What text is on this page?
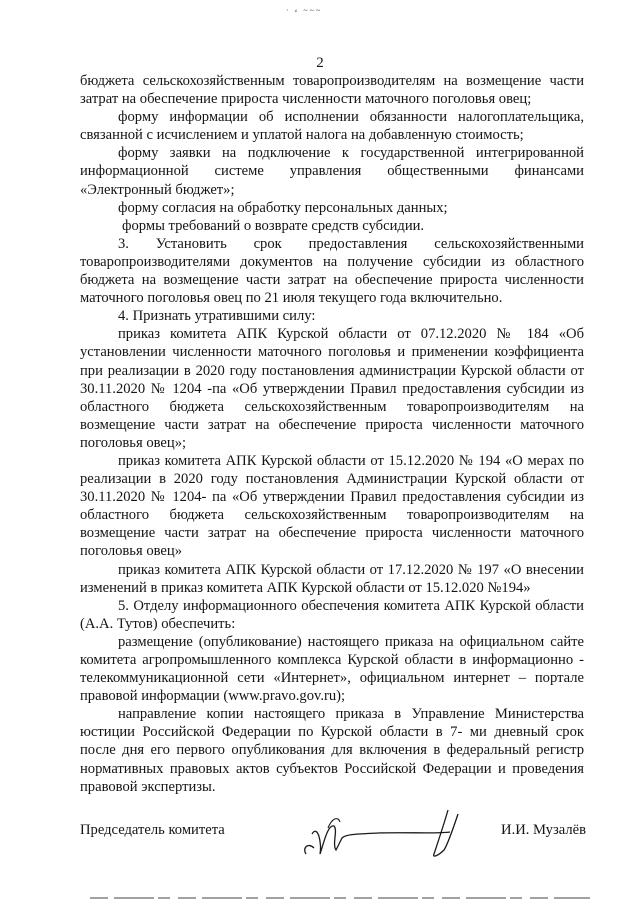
· ⸗ ~~~
2

бюджета сельскохозяйственным товаропроизводителям на возмещение части затрат на обеспечение прироста численности маточного поголовья овец;

форму информации об исполнении обязанности налогоплательщика, связанной с исчислением и уплатой налога на добавленную стоимость;

форму заявки на подключение к государственной интегрированной информационной системе управления общественными финансами «Электронный бюджет»;

форму согласия на обработку персональных данных;

формы требований о возврате средств субсидии.

3. Установить срок предоставления сельскохозяйственными товаропроизводителями документов на получение субсидии из областного бюджета на возмещение части затрат на обеспечение прироста численности маточного поголовья овец по 21 июля текущего года включительно.

4. Признать утратившими силу:

приказ комитета АПК Курской области от 07.12.2020 № 184 «Об установлении численности маточного поголовья и применении коэффициента при реализации в 2020 году постановления администрации Курской области от 30.11.2020 № 1204 -па «Об утверждении Правил предоставления субсидии из областного бюджета сельскохозяйственным товаропроизводителям на возмещение части затрат на обеспечение прироста численности маточного поголовья овец»;

приказ комитета АПК Курской области от 15.12.2020 № 194 «О мерах по реализации в 2020 году постановления Администрации Курской области от 30.11.2020 № 1204- па «Об утверждении Правил предоставления субсидии из областного бюджета сельскохозяйственным товаропроизводителям на возмещение части затрат на обеспечение прироста численности маточного поголовья овец»

приказ комитета АПК Курской области от 17.12.2020 № 197 «О внесении изменений в приказ комитета АПК Курской области от 15.12.020 №194»

5. Отделу информационного обеспечения комитета АПК Курской области (А.А. Тутов) обеспечить:

размещение (опубликование) настоящего приказа на официальном сайте комитета агропромышленного комплекса Курской области в информационно - телекоммуникационной сети «Интернет», официальном интернет – портале правовой информации (www.pravo.gov.ru);

направление копии настоящего приказа в Управление Министерства юстиции Российской Федерации по Курской области в 7- ми дневный срок после дня его первого опубликования для включения в федеральный регистр нормативных правовых актов субъектов Российской Федерации и проведения правовой экспертизы.

Председатель комитета	И.И. Музалёв
